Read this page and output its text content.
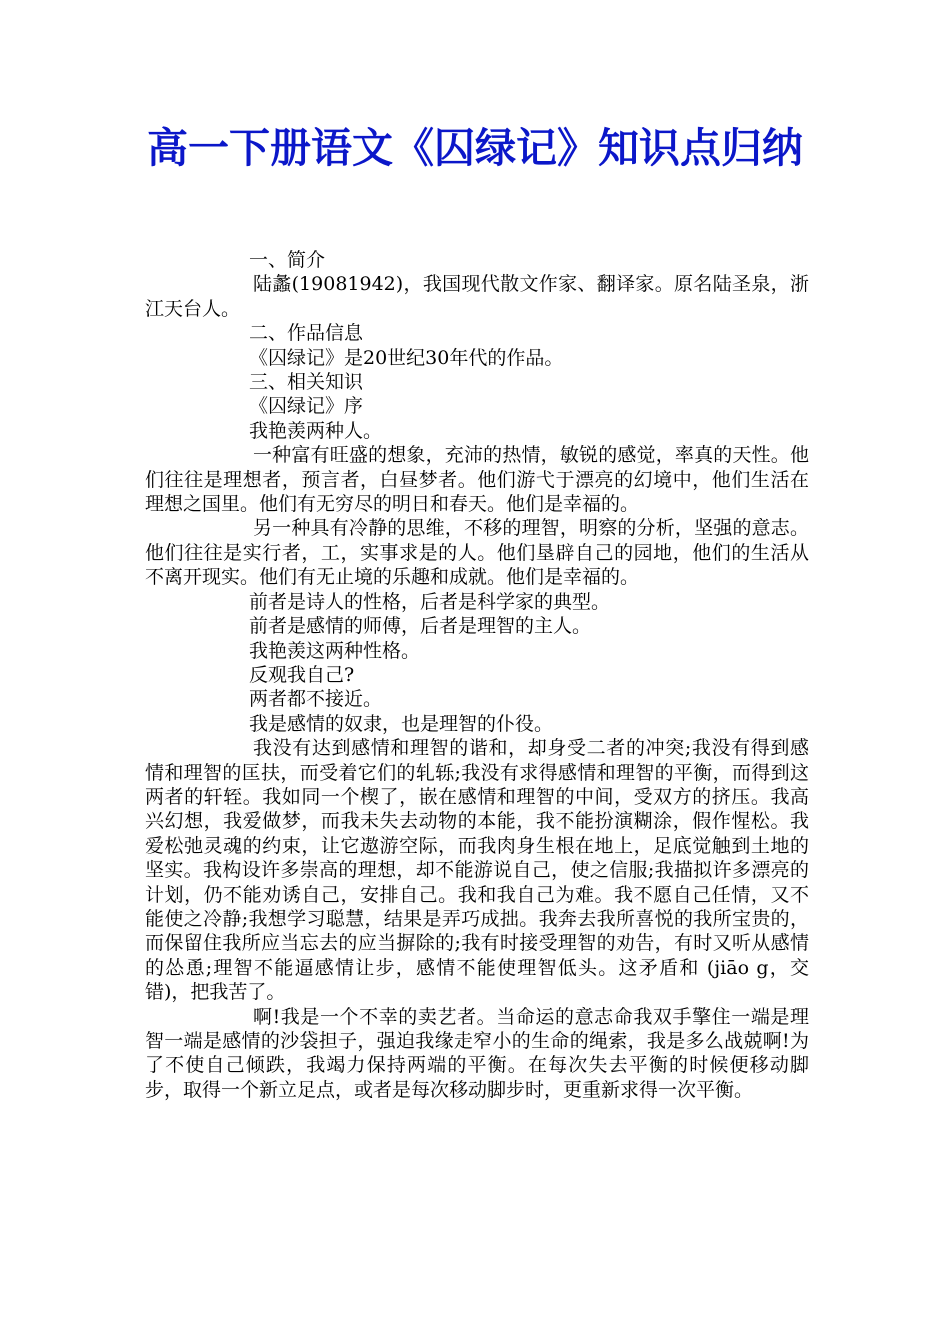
高一下册语文《囚绿记》知识点归纳

一、简介

陆蠡(19081942)，我国现代散文作家、翻译家。原名陆圣泉，浙江天台人。

二、作品信息

《囚绿记》是20世纪30年代的作品。

三、相关知识

《囚绿记》序

我艳羡两种人。

一种富有旺盛的想象，充沛的热情，敏锐的感觉，率真的天性。他们往往是理想者，预言者，白昼梦者。他们游弋于漂亮的幻境中，他们生活在理想之国里。他们有无穷尽的明日和春天。他们是幸福的。

另一种具有冷静的思维，不移的理智，明察的分析，坚强的意志。他们往往是实行者，工，实事求是的人。他们垦辟自己的园地，他们的生活从不离开现实。他们有无止境的乐趣和成就。他们是幸福的。

前者是诗人的性格，后者是科学家的典型。

前者是感情的师傅，后者是理智的主人。

我艳羡这两种性格。

反观我自己?

两者都不接近。

我是感情的奴隶，也是理智的仆役。

我没有达到感情和理智的谐和，却身受二者的冲突;我没有得到感情和理智的匡扶，而受着它们的轧轹;我没有求得感情和理智的平衡，而得到这两者的轩轾。我如同一个楔了，嵌在感情和理智的中间，受双方的挤压。我高兴幻想，我爱做梦，而我未失去动物的本能，我不能扮演糊涂，假作惺松。我爱松弛灵魂的约束，让它遨游空际，而我肉身生根在地上，足底觉触到土地的坚实。我构设许多崇高的理想，却不能游说自己，使之信服;我描拟许多漂亮的计划，仍不能劝诱自己，安排自己。我和我自己为难。我不愿自己任情，又不能使之冷静;我想学习聪慧，结果是弄巧成拙。我奔去我所喜悦的我所宝贵的，而保留住我所应当忘去的应当摒除的;我有时接受理智的劝告，有时又听从感情的怂恿;理智不能逼感情让步，感情不能使理智低头。这矛盾和 (jiāo g，交错)，把我苦了。

啊!我是一个不幸的卖艺者。当命运的意志命我双手擎住一端是理智一端是感情的沙袋担子，强迫我缘走窄小的生命的绳索，我是多么战兢啊!为了不使自己倾跌，我竭力保持两端的平衡。在每次失去平衡的时候便移动脚步，取得一个新立足点，或者是每次移动脚步时，更重新求得一次平衡。
